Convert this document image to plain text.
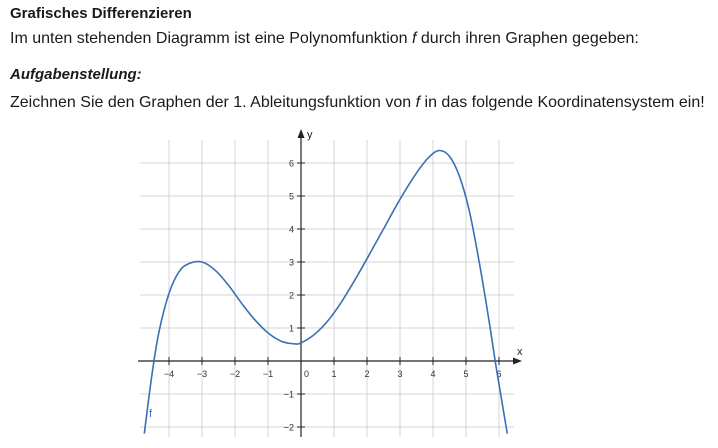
Grafisches Differenzieren
Im unten stehenden Diagramm ist eine Polynomfunktion f durch ihren Graphen gegeben:
Aufgabenstellung:
Zeichnen Sie den Graphen der 1. Ableitungsfunktion von f in das folgende Koordinatensystem ein!
x
y
−4	−3	−2	−1	0 1	2	3	4	5	6
−2
−1
1
2
3
4
5
6
f
